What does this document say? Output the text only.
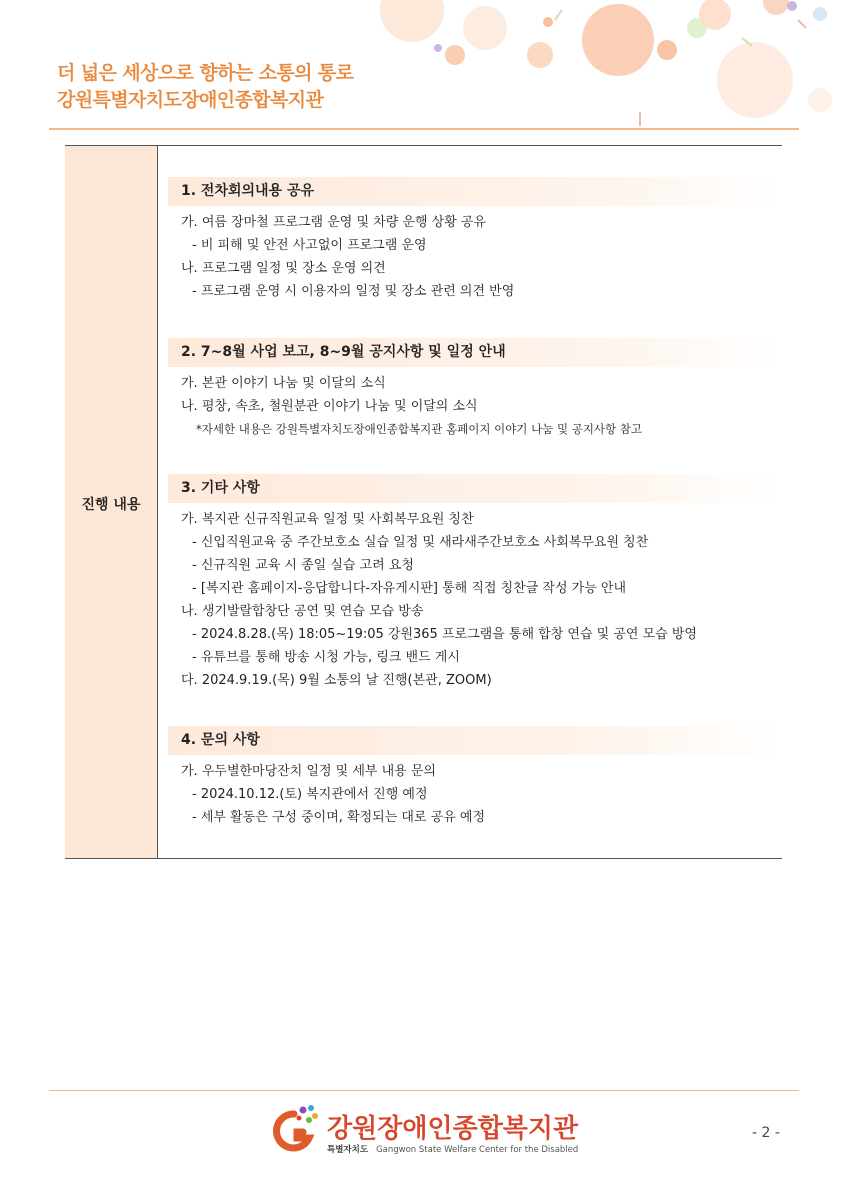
더 넓은 세상으로 향하는 소통의 통로
강원특별자치도장애인종합복지관
진행 내용
1. 전차회의내용 공유
가. 여름 장마철 프로그램 운영 및 차량 운행 상황 공유
- 비 피해 및 안전 사고없이 프로그램 운영
나. 프로그램 일정 및 장소 운영 의견
- 프로그램 운영 시 이용자의 일정 및 장소 관련 의견 반영
2. 7~8월 사업 보고, 8~9월 공지사항 및 일정 안내
가. 본관 이야기 나눔 및 이달의 소식
나. 평창, 속초, 철원분관 이야기 나눔 및 이달의 소식
*자세한 내용은 강원특별자치도장애인종합복지관 홈페이지 이야기 나눔 및 공지사항 참고
3. 기타 사항
가. 복지관 신규직원교육 일정 및 사회복무요원 칭찬
- 신입직원교육 중 주간보호소 실습 일정 및 새라새주간보호소 사회복무요원 칭찬
- 신규직원 교육 시 종일 실습 고려 요청
- [복지관 홈페이지-응답합니다-자유게시판] 통해 직접 칭찬글 작성 가능 안내
나. 생기발랄합창단 공연 및 연습 모습 방송
- 2024.8.28.(목) 18:05~19:05 강원365 프로그램을 통해 합창 연습 및 공연 모습 방영
- 유튜브를 통해 방송 시청 가능, 링크 밴드 게시
다. 2024.9.19.(목) 9월 소통의 날 진행(본관, ZOOM)
4. 문의 사항
가. 우두별한마당잔치 일정 및 세부 내용 문의
- 2024.10.12.(토) 복지관에서 진행 예정
- 세부 활동은 구성 중이며, 확정되는 대로 공유 예정
강원장애인종합복지관
특별자치도 Gangwon State Welfare Center for the Disabled
- 2 -
